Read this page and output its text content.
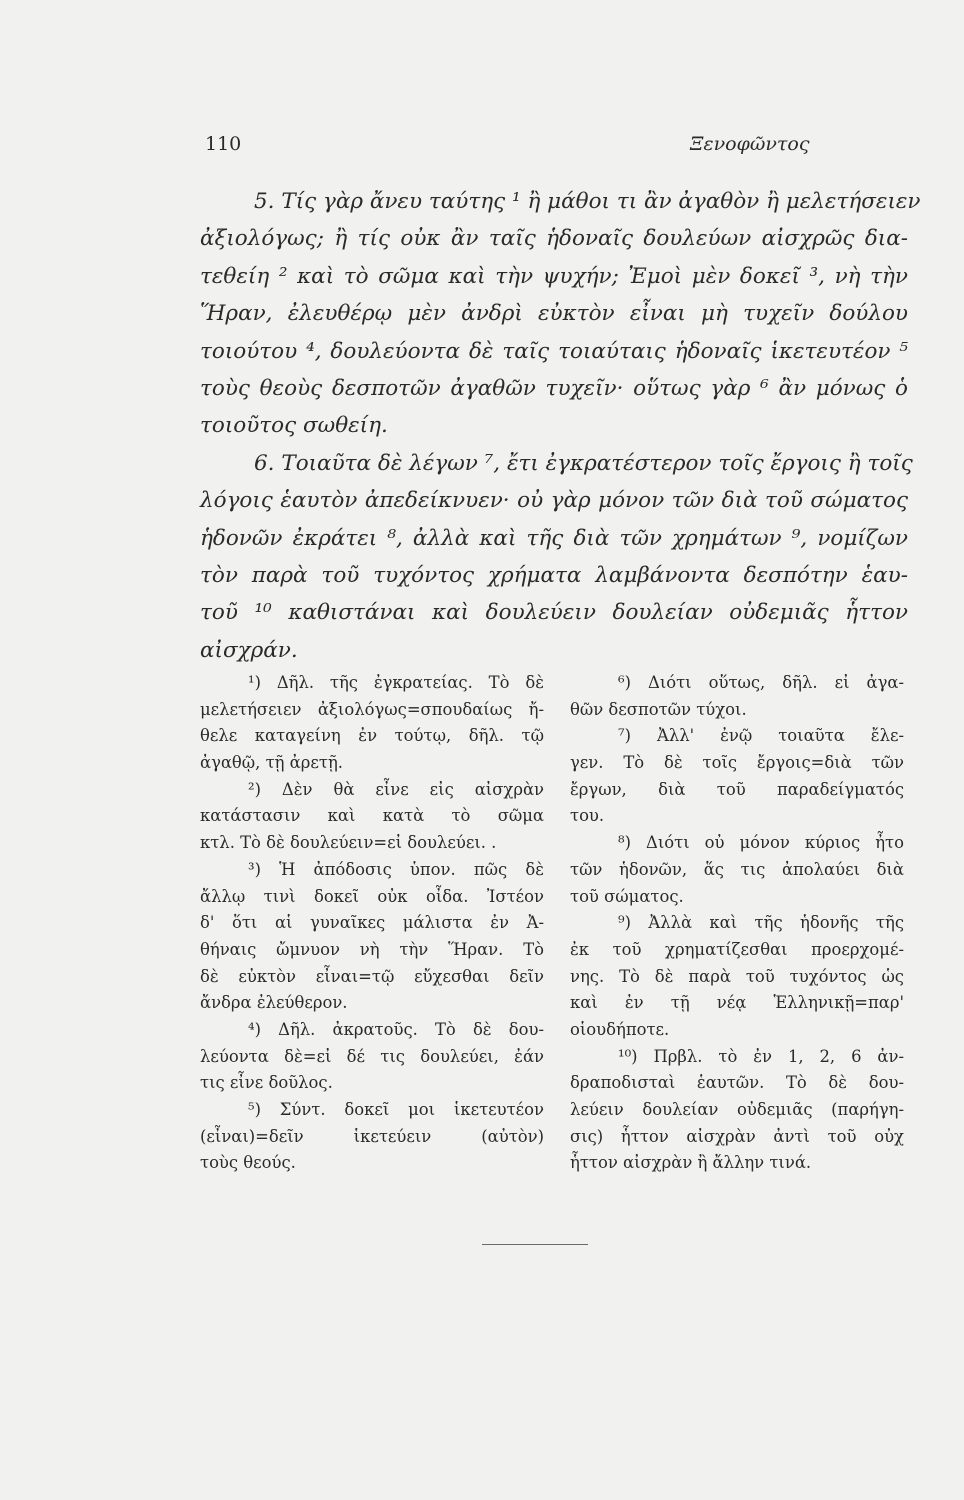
110	Ξενοφῶντος
5. Τίς γὰρ ἄνευ ταύτης ¹ ἢ μάθοι τι ἂν ἀγαθὸν ἢ μελετήσειεν
ἀξιολόγως; ἢ τίς οὐκ ἂν ταῖς ἡδοναῖς δουλεύων αἰσχρῶς δια-
τεθείη ² καὶ τὸ σῶμα καὶ τὴν ψυχήν; Ἐμοὶ μὲν δοκεῖ ³, νὴ τὴν
Ἥραν, ἐλευθέρῳ μὲν ἀνδρὶ εὐκτὸν εἶναι μὴ τυχεῖν δούλου
τοιούτου ⁴, δουλεύοντα δὲ ταῖς τοιαύταις ἡδοναῖς ἱκετευτέον ⁵
τοὺς θεοὺς δεσποτῶν ἀγαθῶν τυχεῖν· οὕτως γὰρ ⁶ ἂν μόνως ὁ
τοιοῦτος σωθείη.
6. Τοιαῦτα δὲ λέγων ⁷, ἔτι ἐγκρατέστερον τοῖς ἔργοις ἢ τοῖς
λόγοις ἑαυτὸν ἀπεδείκνυεν· οὐ γὰρ μόνον τῶν διὰ τοῦ σώματος
ἡδονῶν ἐκράτει ⁸, ἀλλὰ καὶ τῆς διὰ τῶν χρημάτων ⁹, νομίζων
τὸν παρὰ τοῦ τυχόντος χρήματα λαμβάνοντα δεσπότην ἑαυ-
τοῦ ¹⁰ καθιστάναι καὶ δουλεύειν δουλείαν οὐδεμιᾶς ἧττον
αἰσχράν.
¹) Δῆλ. τῆς ἐγκρατείας. Τὸ δὲ
μελετήσειεν ἀξιολόγως=σπουδαίως ἤ-
θελε καταγείνη ἐν τούτῳ, δῆλ. τῷ
ἀγαθῷ, τῇ ἀρετῇ.
²) Δὲν θὰ εἶνε εἰς αἰσχρὰν
κατάστασιν καὶ κατὰ τὸ σῶμα
κτλ. Τὸ δὲ δουλεύειν=εἰ δουλεύει. .
³) Ἡ ἀπόδοσις ὑπον. πῶς δὲ
ἄλλῳ τινὶ δοκεῖ οὐκ οἶδα. Ἰστέον
δ' ὅτι αἱ γυναῖκες μάλιστα ἐν Ἀ-
θήναις ὤμνυον νὴ τὴν Ἥραν. Τὸ
δὲ εὐκτὸν εἶναι=τῷ εὔχεσθαι δεῖν
ἄνδρα ἐλεύθερον.
⁴) Δῆλ. ἀκρατοῦς. Τὸ δὲ δου-
λεύοντα δὲ=εἰ δέ τις δουλεύει, ἐάν
τις εἶνε δοῦλος.
⁵) Σύντ. δοκεῖ μοι ἱκετευτέον
(εἶναι)=δεῖν ἱκετεύειν (αὐτὸν)
τοὺς θεούς.
⁶) Διότι οὕτως, δῆλ. εἰ ἀγα-
θῶν δεσποτῶν τύχοι.
⁷) Ἀλλ' ἐνῷ τοιαῦτα ἔλε-
γεν. Τὸ δὲ τοῖς ἔργοις=διὰ τῶν
ἔργων, διὰ τοῦ παραδείγματός
του.
⁸) Διότι οὐ μόνον κύριος ἦτο
τῶν ἡδονῶν, ἅς τις ἀπολαύει διὰ
τοῦ σώματος.
⁹) Ἀλλὰ καὶ τῆς ἡδονῆς τῆς
ἐκ τοῦ χρηματίζεσθαι προερχομέ-
νης. Τὸ δὲ παρὰ τοῦ τυχόντος ὡς
καὶ ἐν τῇ νέᾳ Ἑλληνικῇ=παρ'
οἱουδήποτε.
¹⁰) Πρβλ. τὸ ἐν 1, 2, 6 ἀν-
δραποδισταὶ ἑαυτῶν. Τὸ δὲ δου-
λεύειν δουλείαν οὐδεμιᾶς (παρήγη-
σις) ἧττον αἰσχρὰν ἀντὶ τοῦ οὐχ
ἧττον αἰσχρὰν ἢ ἄλλην τινά.
